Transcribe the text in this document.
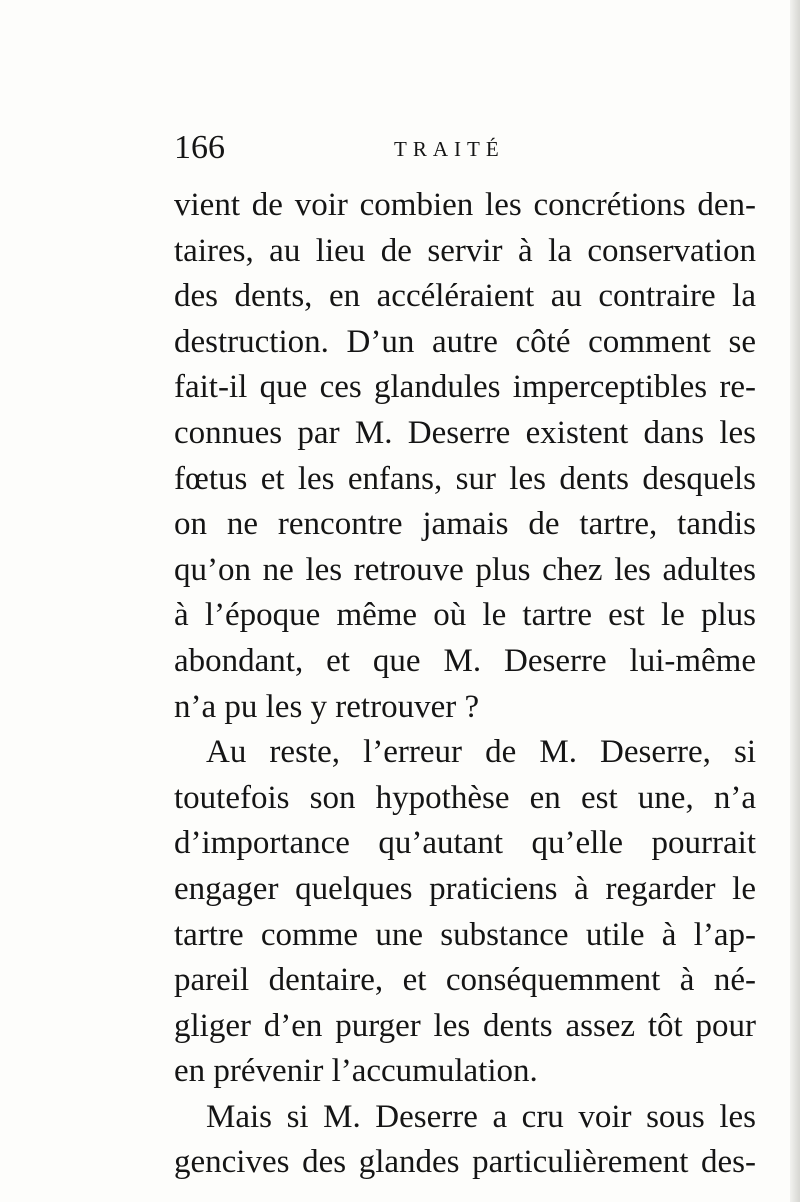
166	TRAITÉ
vient de voir combien les concrétions den-
taires, au lieu de servir à la conservation
des dents, en accéléraient au contraire la
destruction. D’un autre côté comment se
fait-il que ces glandules imperceptibles re-
connues par M. Deserre existent dans les
fœtus et les enfans, sur les dents desquels
on ne rencontre jamais de tartre, tandis
qu’on ne les retrouve plus chez les adultes
à l’époque même où le tartre est le plus
abondant, et que M. Deserre lui-même
n’a pu les y retrouver ?
Au reste, l’erreur de M. Deserre, si
toutefois son hypothèse en est une, n’a
d’importance qu’autant qu’elle pourrait
engager quelques praticiens à regarder le
tartre comme une substance utile à l’ap-
pareil dentaire, et conséquemment à né-
gliger d’en purger les dents assez tôt pour
en prévenir l’accumulation.
Mais si M. Deserre a cru voir sous les
gencives des glandes particulièrement des-
